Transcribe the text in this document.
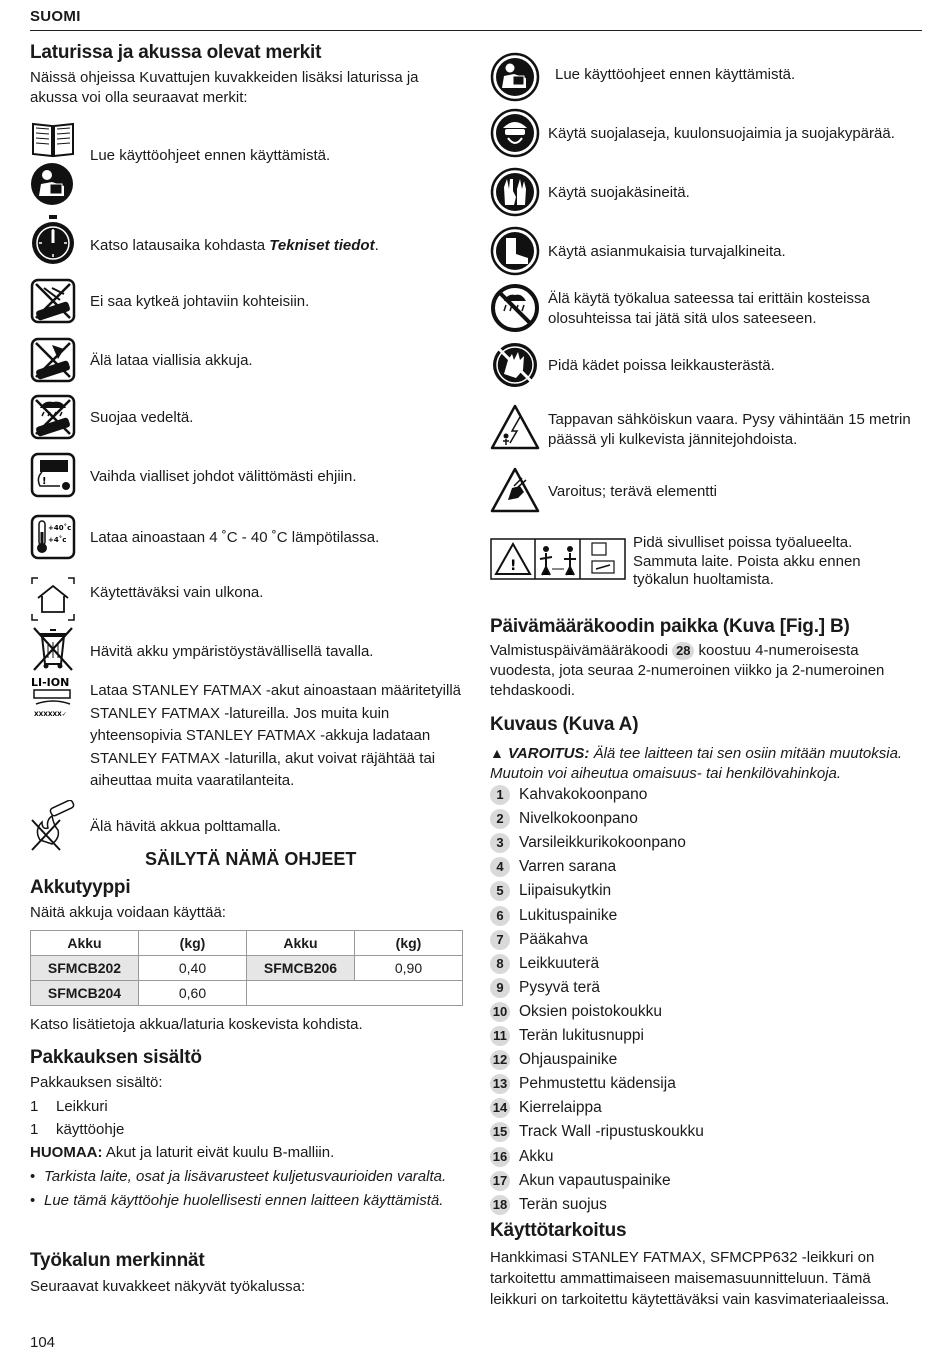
SUOMI
Laturissa ja akussa olevat merkit
Näissä ohjeissa Kuvattujen kuvakkeiden lisäksi laturissa ja akussa voi olla seuraavat merkit:
Lue käyttöohjeet ennen käyttämistä.
Katso latausaika kohdasta Tekniset tiedot.
Ei saa kytkeä johtaviin kohteisiin.
Älä lataa viallisia akkuja.
Suojaa vedeltä.
!	Vaihda vialliset johdot välittömästi ehjiin.
+40˚c
+4˚c Lataa ainoastaan 4 ˚C - 40 ˚C lämpötilassa.
Käytettäväksi vain ulkona.
Hävitä akku ympäristöystävällisellä tavalla.
LI-ION
XXXXXX✓
Lataa STANLEY FATMAX -akut ainoastaan määritetyillä STANLEY FATMAX -latureilla. Jos muita kuin yhteensopivia STANLEY FATMAX -akkuja ladataan STANLEY FATMAX -laturilla, akut voivat räjähtää tai aiheuttaa muita vaaratilanteita.
Älä hävitä akkua polttamalla.
SÄILYTÄ NÄMÄ OHJEET
Akkutyyppi
Näitä akkuja voidaan käyttää:
Akku	(kg)	Akku	(kg)
SFMCB202	0,40	SFMCB206	0,90
SFMCB204	0,60		
Katso lisätietoja akkua/laturia koskevista kohdista.
Pakkauksen sisältö
Pakkauksen sisältö:
1 Leikkuri
1 käyttöohje
HUOMAA: Akut ja laturit eivät kuulu B-malliin.
• Tarkista laite, osat ja lisävarusteet kuljetusvaurioiden varalta.
• Lue tämä käyttöohje huolellisesti ennen laitteen käyttämistä.
Työkalun merkinnät
Seuraavat kuvakkeet näkyvät työkalussa:
Lue käyttöohjeet ennen käyttämistä.
Käytä suojalaseja, kuulonsuojaimia ja suojakypärää.
Käytä suojakäsineitä.
Käytä asianmukaisia turvajalkineita.
Älä käytä työkalua sateessa tai erittäin kosteissa olosuhteissa tai jätä sitä ulos sateeseen.
Pidä kädet poissa leikkausterästä.
Tappavan sähköiskun vaara. Pysy vähintään 15 metrin päässä yli kulkevista jännitejohdoista.
Varoitus; terävä elementti
!
Pidä sivulliset poissa työalueelta. Sammuta laite. Poista akku ennen työkalun huoltamista.
Päivämääräkoodin paikka (Kuva [Fig.] B)
Valmistuspäivämääräkoodi 28 koostuu 4-numeroisesta vuodesta, jota seuraa 2-numeroinen viikko ja 2-numeroinen tehdaskoodi.
Kuvaus (Kuva A)
▲ VAROITUS: Älä tee laitteen tai sen osiin mitään muutoksia. Muutoin voi aiheutua omaisuus- tai henkilövahinkoja.
1 Kahvakokoonpano
2 Nivelkokoonpano
3 Varsileikkurikokoonpano
4 Varren sarana
5 Liipaisukytkin
6 Lukituspainike
7 Pääkahva
8 Leikkuuterä
9 Pysyvä terä
10 Oksien poistokoukku
11 Terän lukitusnuppi
12 Ohjauspainike
13 Pehmustettu kädensija
14 Kierrelaippa
15 Track Wall -ripustuskoukku
16 Akku
17 Akun vapautuspainike
18 Terän suojus
Käyttötarkoitus
Hankkimasi STANLEY FATMAX, SFMCPP632 -leikkuri on tarkoitettu ammattimaiseen maisemasuunnitteluun. Tämä leikkuri on tarkoitettu käytettäväksi vain kasvimateriaaleissa.
104
